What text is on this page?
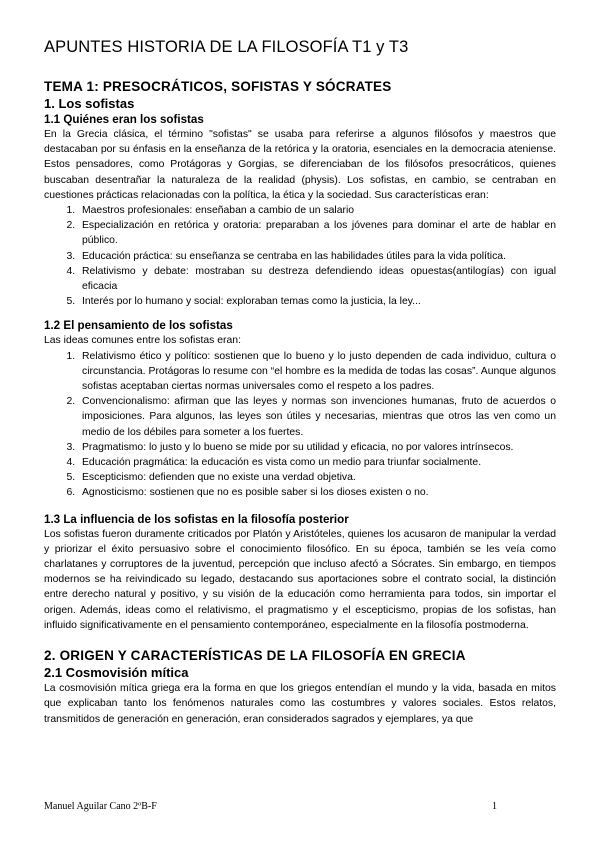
APUNTES HISTORIA DE LA FILOSOFÍA T1 y T3
TEMA 1: PRESOCRÁTICOS, SOFISTAS Y SÓCRATES
1. Los sofistas
1.1 Quiénes eran los sofistas

En la Grecia clásica, el término "sofistas" se usaba para referirse a algunos filósofos y maestros que destacaban por su énfasis en la enseñanza de la retórica y la oratoria, esenciales en la democracia ateniense. Estos pensadores, como Protágoras y Gorgias, se diferenciaban de los filósofos presocráticos, quienes buscaban desentrañar la naturaleza de la realidad (physis). Los sofistas, en cambio, se centraban en cuestiones prácticas relacionadas con la política, la ética y la sociedad. Sus características eran:

1. Maestros profesionales: enseñaban a cambio de un salario
2. Especialización en retórica y oratoria: preparaban a los jóvenes para dominar el arte de hablar en público.
3. Educación práctica: su enseñanza se centraba en las habilidades útiles para la vida política.
4. Relativismo y debate: mostraban su destreza defendiendo ideas opuestas(antilogías) con igual eficacia
5. Interés por lo humano y social: exploraban temas como la justicia, la ley...
1.2 El pensamiento de los sofistas

Las ideas comunes entre los sofistas eran:

1. Relativismo ético y político: sostienen que lo bueno y lo justo dependen de cada individuo, cultura o circunstancia. Protágoras lo resume con “el hombre es la medida de todas las cosas”. Aunque algunos sofistas aceptaban ciertas normas universales como el respeto a los padres.
2. Convencionalismo: afirman que las leyes y normas son invenciones humanas, fruto de acuerdos o imposiciones. Para algunos, las leyes son útiles y necesarias, mientras que otros las ven como un medio de los débiles para someter a los fuertes.
3. Pragmatismo: lo justo y lo bueno se mide por su utilidad y eficacia, no por valores intrínsecos.
4. Educación pragmática: la educación es vista como un medio para triunfar socialmente.
5. Escepticismo: defienden que no existe una verdad objetiva.
6. Agnosticismo: sostienen que no es posible saber si los dioses existen o no.
1.3 La influencia de los sofistas en la filosofía posterior

Los sofistas fueron duramente criticados por Platón y Aristóteles, quienes los acusaron de manipular la verdad y priorizar el éxito persuasivo sobre el conocimiento filosófico. En su época, también se les veía como charlatanes y corruptores de la juventud, percepción que incluso afectó a Sócrates. Sin embargo, en tiempos modernos se ha reivindicado su legado, destacando sus aportaciones sobre el contrato social, la distinción entre derecho natural y positivo, y su visión de la educación como herramienta para todos, sin importar el origen. Además, ideas como el relativismo, el pragmatismo y el escepticismo, propias de los sofistas, han influido significativamente en el pensamiento contemporáneo, especialmente en la filosofía postmoderna.

2. ORIGEN Y CARACTERÍSTICAS DE LA FILOSOFÍA EN GRECIA
2.1 Cosmovisión mítica

La cosmovisión mítica griega era la forma en que los griegos entendían el mundo y la vida, basada en mitos que explicaban tanto los fenómenos naturales como las costumbres y valores sociales. Estos relatos, transmitidos de generación en generación, eran considerados sagrados y ejemplares, ya que

Manuel Aguilar Cano 2ºB-F	1
